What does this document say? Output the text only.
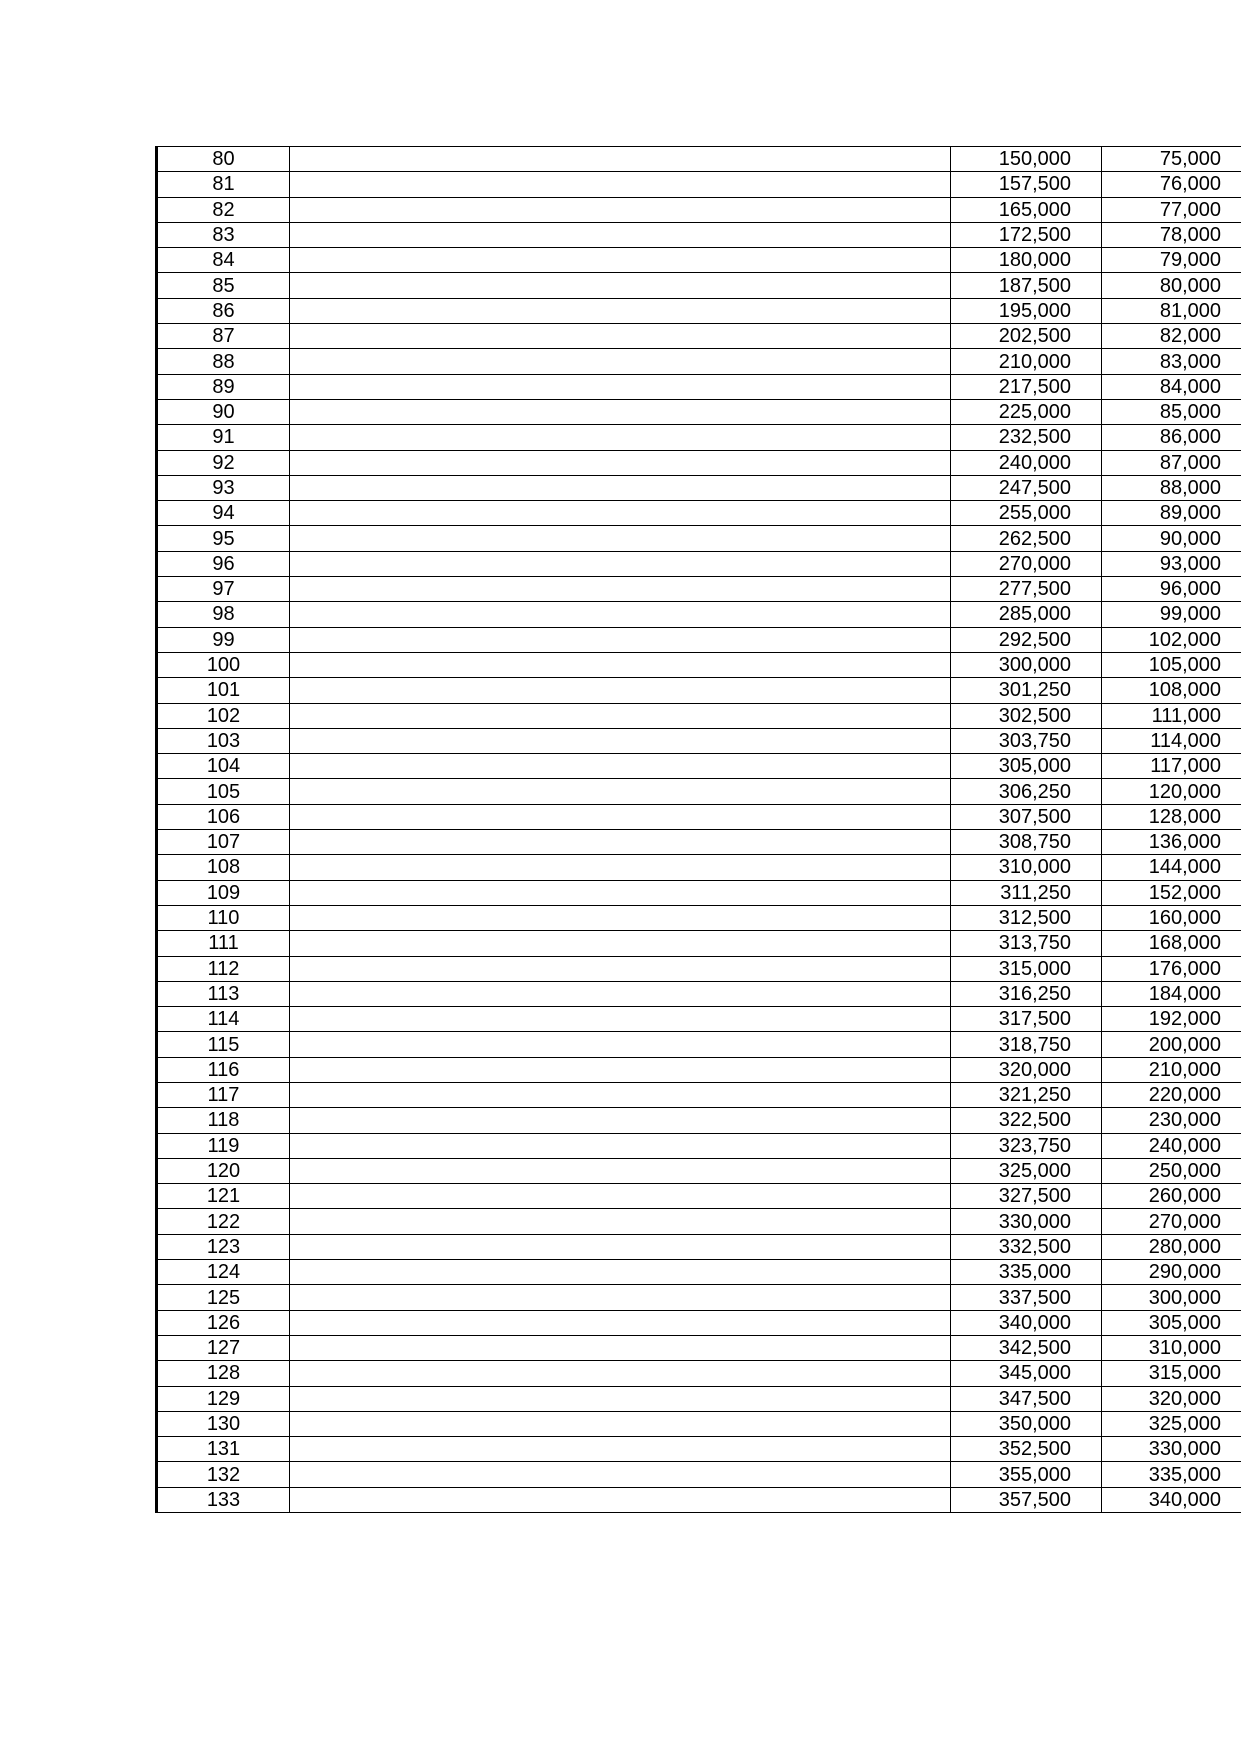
80		150,000	75,000
81		157,500	76,000
82		165,000	77,000
83		172,500	78,000
84		180,000	79,000
85		187,500	80,000
86		195,000	81,000
87		202,500	82,000
88		210,000	83,000
89		217,500	84,000
90		225,000	85,000
91		232,500	86,000
92		240,000	87,000
93		247,500	88,000
94		255,000	89,000
95		262,500	90,000
96		270,000	93,000
97		277,500	96,000
98		285,000	99,000
99		292,500	102,000
100		300,000	105,000
101		301,250	108,000
102		302,500	111,000
103		303,750	114,000
104		305,000	117,000
105		306,250	120,000
106		307,500	128,000
107		308,750	136,000
108		310,000	144,000
109		311,250	152,000
110		312,500	160,000
111		313,750	168,000
112		315,000	176,000
113		316,250	184,000
114		317,500	192,000
115		318,750	200,000
116		320,000	210,000
117		321,250	220,000
118		322,500	230,000
119		323,750	240,000
120		325,000	250,000
121		327,500	260,000
122		330,000	270,000
123		332,500	280,000
124		335,000	290,000
125		337,500	300,000
126		340,000	305,000
127		342,500	310,000
128		345,000	315,000
129		347,500	320,000
130		350,000	325,000
131		352,500	330,000
132		355,000	335,000
133		357,500	340,000
